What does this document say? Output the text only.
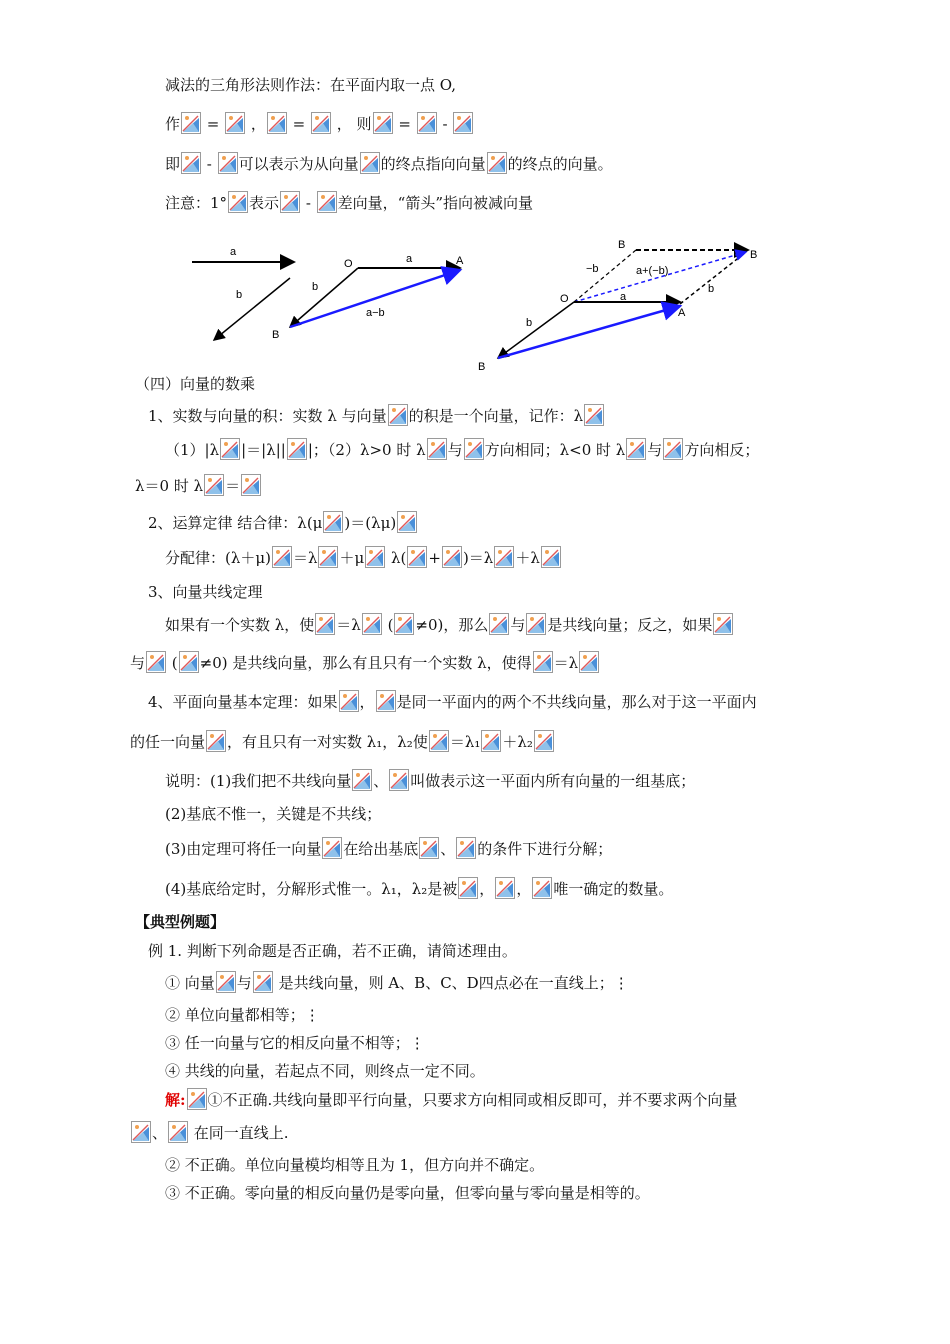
减法的三角形法则作法：在平面内取一点 O,
作
=
，
=
， 则
=
-
即
-
可以表示为从向量 的终点指向向量 的终点的向量。
注意：1° 表示
-
差向量，“箭头”指向被减向量
a
b
O	a	A
b
B
a−b
B
−b	a+(−b)
B
O	a
b
A
b
B
（四）向量的数乘
1、实数与向量的积：实数 λ 与向量 的积是一个向量，记作：λ
（1）|λ |＝|λ|| |；（2）λ>0 时 λ 与 方向相同；λ<0 时 λ 与 方向相反；
λ＝0 时 λ ＝
2、运算定律 结合律：λ(μ )＝(λμ)
分配律：(λ＋μ) ＝λ ＋μ
λ( + )＝λ ＋λ
3、向量共线定理
如果有一个实数 λ，使 ＝λ
( ≠0)，那么 与 是共线向量；反之，如果
与
( ≠0) 是共线向量，那么有且只有一个实数 λ，使得 ＝λ
4、平面向量基本定理：如果 ， 是同一平面内的两个不共线向量，那么对于这一平面内
的任一向量 ，有且只有一对实数 λ₁，λ₂使 ＝λ₁ ＋λ₂
说明：(1)我们把不共线向量 、 叫做表示这一平面内所有向量的一组基底；
(2)基底不惟一，关键是不共线；
(3)由定理可将任一向量 在给出基底 、 的条件下进行分解；
(4)基底给定时，分解形式惟一。λ₁，λ₂是被 ， ， 唯一确定的数量。
【典型例题】
例 1. 判断下列命题是否正确，若不正确，请简述理由。
① 向量 与
是共线向量，则 A、B、C、D四点必在一直线上；⋮
② 单位向量都相等；⋮
③ 任一向量与它的相反向量不相等；⋮
④ 共线的向量，若起点不同，则终点一定不同。
解: ①不正确.共线向量即平行向量，只要求方向相同或相反即可，并不要求两个向量
、
在同一直线上.
② 不正确。单位向量模均相等且为 1，但方向并不确定。
③ 不正确。零向量的相反向量仍是零向量，但零向量与零向量是相等的。
